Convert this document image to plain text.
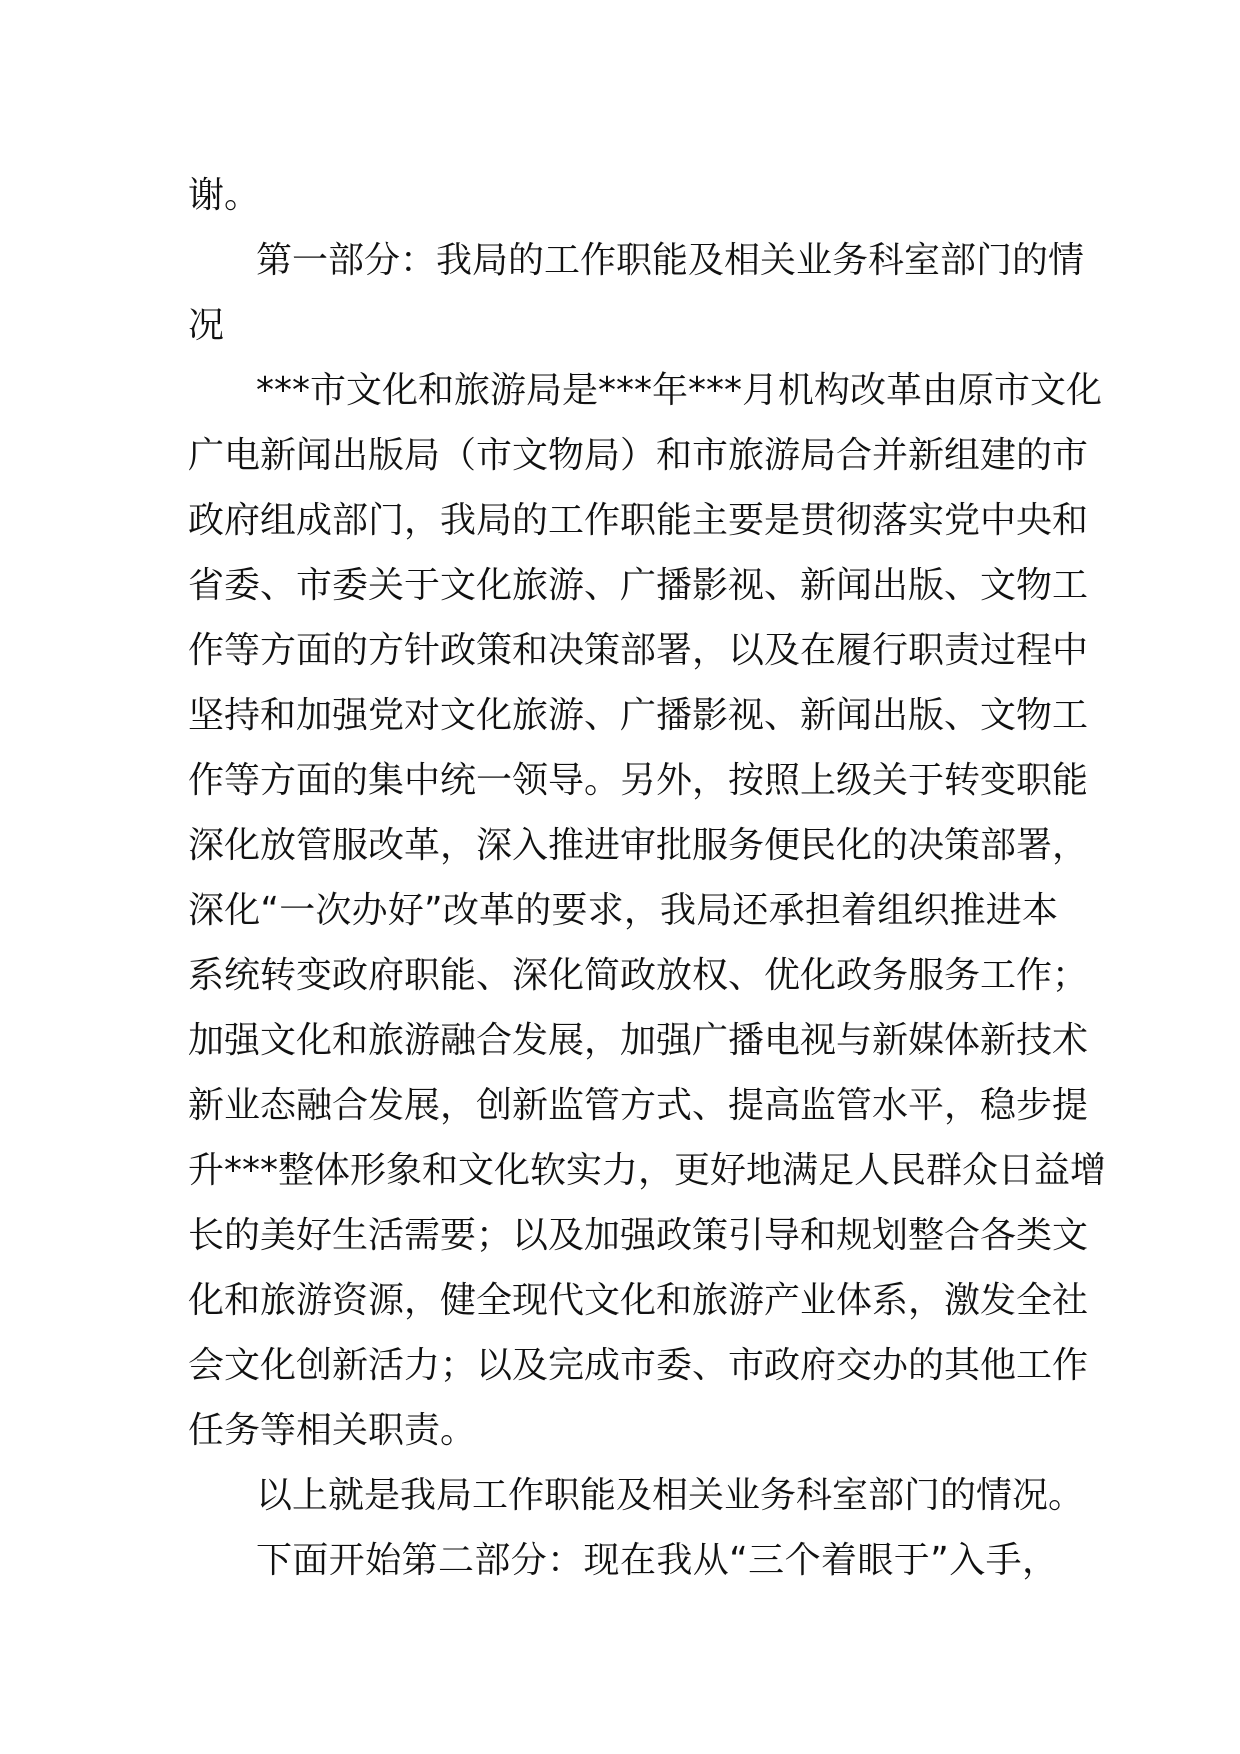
谢。
第一部分：我局的工作职能及相关业务科室部门的情
况
***市文化和旅游局是***年***月机构改革由原市文化
广电新闻出版局（市文物局）和市旅游局合并新组建的市
政府组成部门，我局的工作职能主要是贯彻落实党中央和
省委、市委关于文化旅游、广播影视、新闻出版、文物工
作等方面的方针政策和决策部署，以及在履行职责过程中
坚持和加强党对文化旅游、广播影视、新闻出版、文物工
作等方面的集中统一领导。另外，按照上级关于转变职能
深化放管服改革，深入推进审批服务便民化的决策部署，
深化“一次办好”改革的要求，我局还承担着组织推进本
系统转变政府职能、深化简政放权、优化政务服务工作；
加强文化和旅游融合发展，加强广播电视与新媒体新技术
新业态融合发展，创新监管方式、提高监管水平，稳步提
升***整体形象和文化软实力，更好地满足人民群众日益增
长的美好生活需要；以及加强政策引导和规划整合各类文
化和旅游资源，健全现代文化和旅游产业体系，激发全社
会文化创新活力；以及完成市委、市政府交办的其他工作
任务等相关职责。
以上就是我局工作职能及相关业务科室部门的情况。
下面开始第二部分：现在我从“三个着眼于”入手，
